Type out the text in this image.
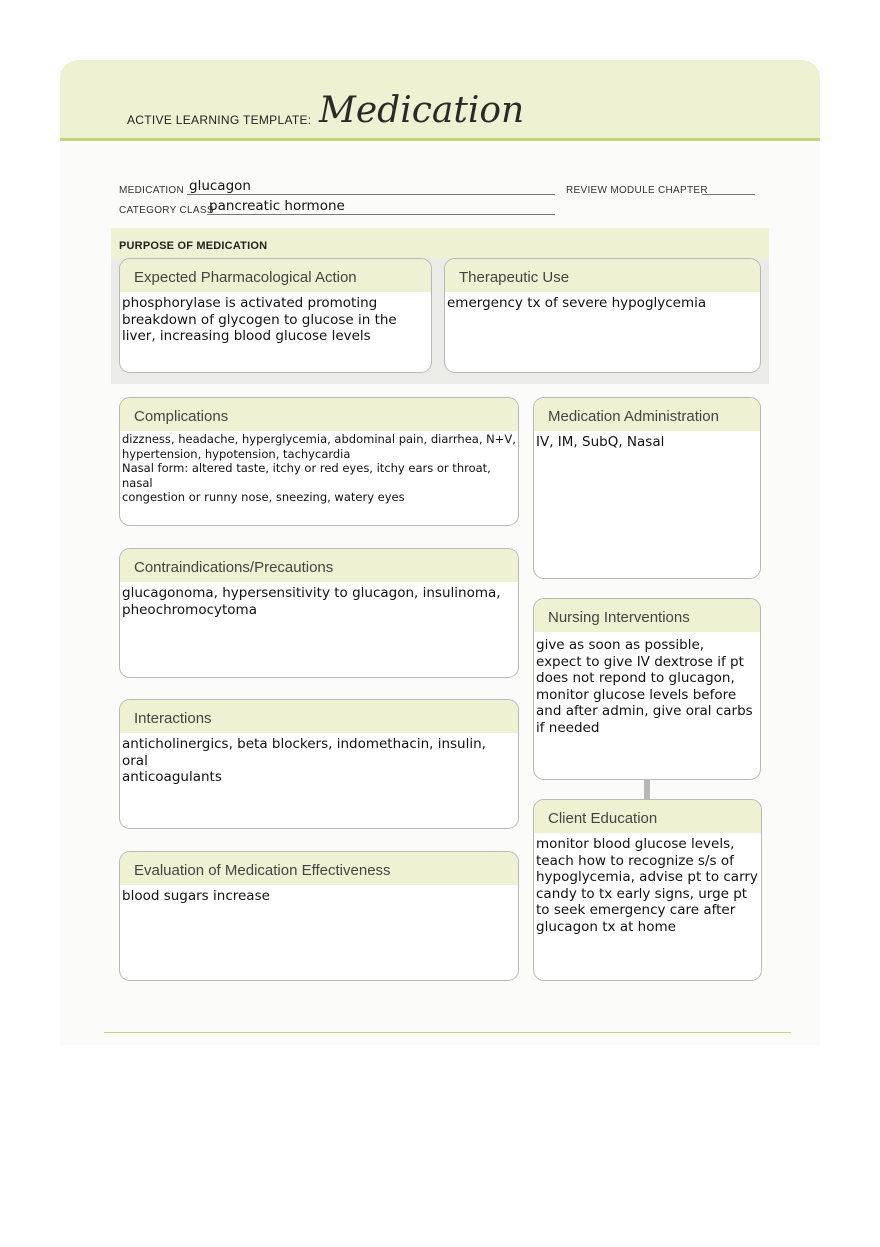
ACTIVE LEARNING TEMPLATE: Medication
MEDICATION glucagon	REVIEW MODULE CHAPTER
CATEGORY CLASS
pancreatic hormone
PURPOSE OF MEDICATION
Expected Pharmacological Action
phosphorylase is activated promoting
breakdown of glycogen to glucose in the
liver, increasing blood glucose levels
Therapeutic Use
emergency tx of severe hypoglycemia
Complications
dizzness, headache, hyperglycemia, abdominal pain, diarrhea, N+V,
hypertension, hypotension, tachycardia
Nasal form: altered taste, itchy or red eyes, itchy ears or throat, nasal
congestion or runny nose, sneezing, watery eyes
Contraindications/Precautions
glucagonoma, hypersensitivity to glucagon, insulinoma,
pheochromocytoma
Interactions
anticholinergics, beta blockers, indomethacin, insulin, oral
anticoagulants
Evaluation of Medication Effectiveness
blood sugars increase
Medication Administration
IV, IM, SubQ, Nasal
Nursing Interventions
give as soon as possible,
expect to give IV dextrose if pt
does not repond to glucagon,
monitor glucose levels before
and after admin, give oral carbs
if needed
Client Education
monitor blood glucose levels,
teach how to recognize s/s of
hypoglycemia, advise pt to carry
candy to tx early signs, urge pt
to seek emergency care after
glucagon tx at home
